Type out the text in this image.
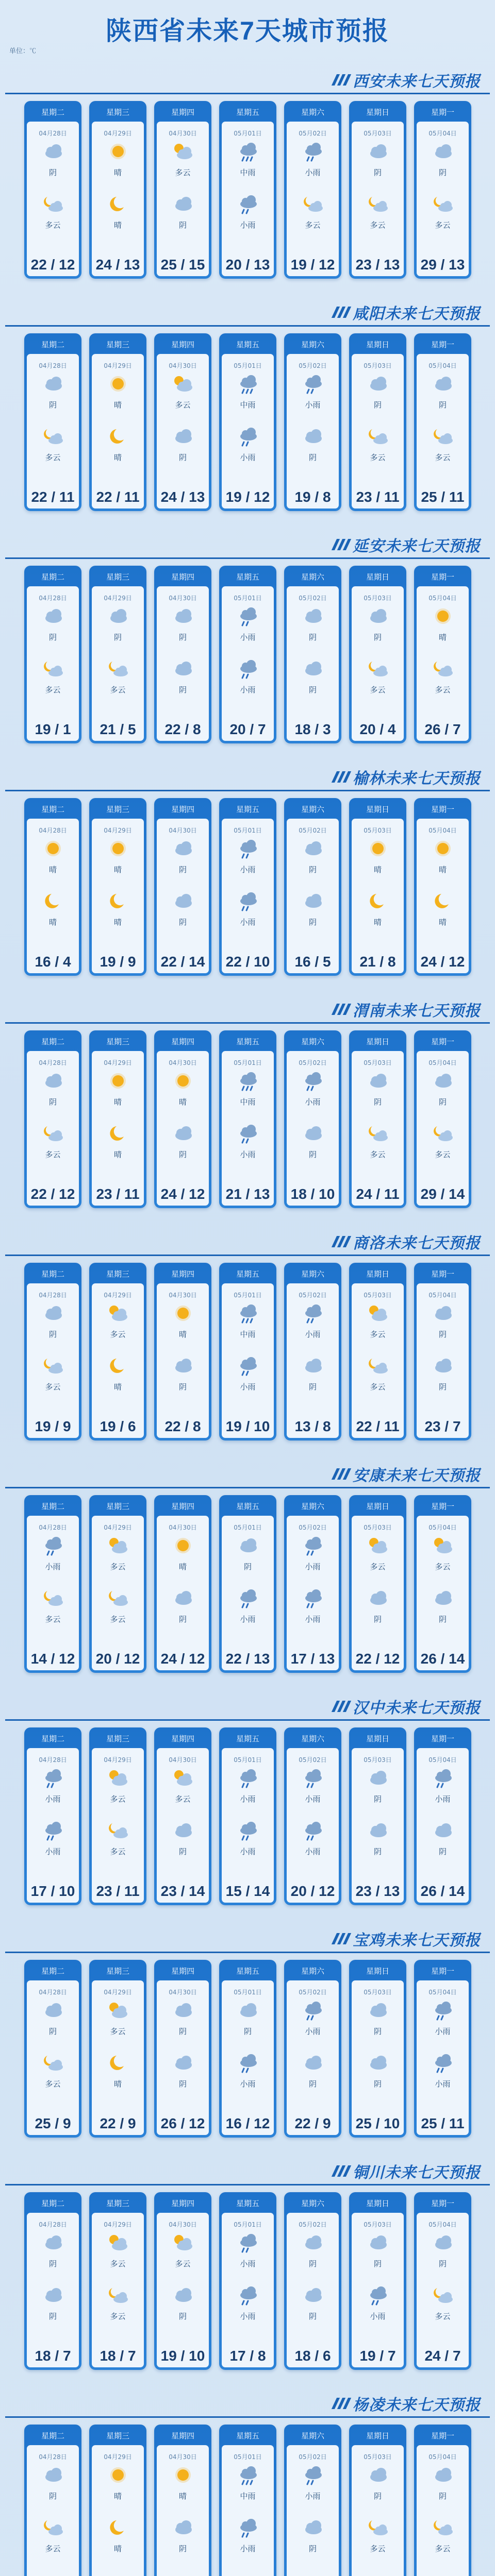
陕西省未来7天城市预报
单位：℃
西安未来七天预报
星期二
04月28日
阴
多云
22 / 12
星期三
04月29日
晴
晴
24 / 13
星期四
04月30日
多云
阴
25 / 15
星期五
05月01日
中雨
小雨
20 / 13
星期六
05月02日
小雨
多云
19 / 12
星期日
05月03日
阴
多云
23 / 13
星期一
05月04日
阴
多云
29 / 13
咸阳未来七天预报
星期二
04月28日
阴
多云
22 / 11
星期三
04月29日
晴
晴
22 / 11
星期四
04月30日
多云
阴
24 / 13
星期五
05月01日
中雨
小雨
19 / 12
星期六
05月02日
小雨
阴
19 / 8
星期日
05月03日
阴
多云
23 / 11
星期一
05月04日
阴
多云
25 / 11
延安未来七天预报
星期二
04月28日
阴
多云
19 / 1
星期三
04月29日
阴
多云
21 / 5
星期四
04月30日
阴
阴
22 / 8
星期五
05月01日
小雨
小雨
20 / 7
星期六
05月02日
阴
阴
18 / 3
星期日
05月03日
阴
多云
20 / 4
星期一
05月04日
晴
多云
26 / 7
榆林未来七天预报
星期二
04月28日
晴
晴
16 / 4
星期三
04月29日
晴
晴
19 / 9
星期四
04月30日
阴
阴
22 / 14
星期五
05月01日
小雨
小雨
22 / 10
星期六
05月02日
阴
阴
16 / 5
星期日
05月03日
晴
晴
21 / 8
星期一
05月04日
晴
晴
24 / 12
渭南未来七天预报
星期二
04月28日
阴
多云
22 / 12
星期三
04月29日
晴
晴
23 / 11
星期四
04月30日
晴
阴
24 / 12
星期五
05月01日
中雨
小雨
21 / 13
星期六
05月02日
小雨
阴
18 / 10
星期日
05月03日
阴
多云
24 / 11
星期一
05月04日
阴
多云
29 / 14
商洛未来七天预报
星期二
04月28日
阴
多云
19 / 9
星期三
04月29日
多云
晴
19 / 6
星期四
04月30日
晴
阴
22 / 8
星期五
05月01日
中雨
小雨
19 / 10
星期六
05月02日
小雨
阴
13 / 8
星期日
05月03日
多云
多云
22 / 11
星期一
05月04日
阴
阴
23 / 7
安康未来七天预报
星期二
04月28日
小雨
多云
14 / 12
星期三
04月29日
多云
多云
20 / 12
星期四
04月30日
晴
阴
24 / 12
星期五
05月01日
阴
小雨
22 / 13
星期六
05月02日
小雨
小雨
17 / 13
星期日
05月03日
多云
阴
22 / 12
星期一
05月04日
多云
阴
26 / 14
汉中未来七天预报
星期二
04月28日
小雨
小雨
17 / 10
星期三
04月29日
多云
多云
23 / 11
星期四
04月30日
多云
阴
23 / 14
星期五
05月01日
小雨
小雨
15 / 14
星期六
05月02日
小雨
小雨
20 / 12
星期日
05月03日
阴
阴
23 / 13
星期一
05月04日
小雨
阴
26 / 14
宝鸡未来七天预报
星期二
04月28日
阴
多云
25 / 9
星期三
04月29日
多云
晴
22 / 9
星期四
04月30日
阴
阴
26 / 12
星期五
05月01日
阴
小雨
16 / 12
星期六
05月02日
小雨
阴
22 / 9
星期日
05月03日
阴
阴
25 / 10
星期一
05月04日
小雨
小雨
25 / 11
铜川未来七天预报
星期二
04月28日
阴
阴
18 / 7
星期三
04月29日
多云
多云
18 / 7
星期四
04月30日
多云
阴
19 / 10
星期五
05月01日
小雨
小雨
17 / 8
星期六
05月02日
阴
阴
18 / 6
星期日
05月03日
阴
小雨
19 / 7
星期一
05月04日
阴
多云
24 / 7
杨凌未来七天预报
星期二
04月28日
阴
多云
星期三
04月29日
晴
晴
星期四
04月30日
晴
阴
星期五
05月01日
中雨
小雨
星期六
05月02日
小雨
阴
星期日
05月03日
阴
多云
星期一
05月04日
阴
多云
